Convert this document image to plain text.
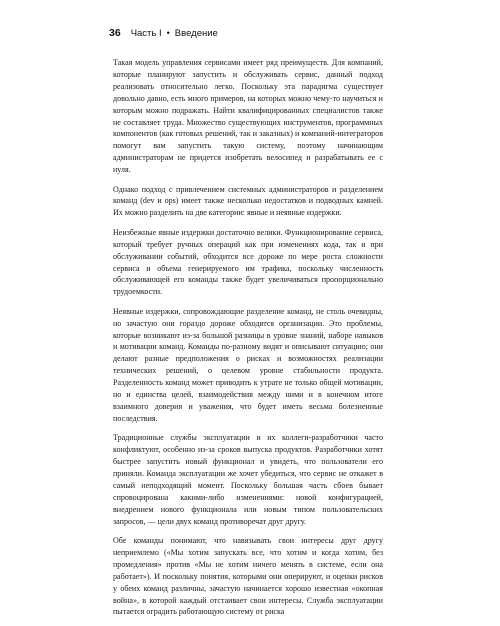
36 Часть I • Введение

Такая модель управления сервисами имеет ряд преимуществ. Для компаний, которые планируют запустить и обслуживать сервис, данный подход реализовать относительно легко. Поскольку эта парадигма существует довольно давно, есть много примеров, на которых можно чему-то научиться и которым можно подражать. Найти квалифицированных специалистов также не составляет труда. Множество существующих инструментов, программных компонентов (как готовых решений, так и заказных) и компаний-интеграторов помогут вам запустить такую систему, поэтому начинающим администраторам не придется изобретать велосипед и разрабатывать ее с нуля.

Однако подход с привлечением системных администраторов и разделением команд (dev и ops) имеет также несколько недостатков и подводных камней. Их можно разделить на две категории: явные и неявные издержки.

Неизбежные явные издержки достаточно велики. Функционирование сервиса, который требует ручных операций как при изменениях кода, так и при обслуживании событий, обходится все дороже по мере роста сложности сервиса и объема генерируемого им трафика, поскольку численность обслуживающей его команды также будет увеличиваться пропорционально трудоемкости.

Неявные издержки, сопровождающие разделение команд, не столь очевидны, но зачастую они гораздо дороже обходятся организации. Это проблемы, которые возникают из-за большой разницы в уровне знаний, наборе навыков и мотивации команд. Команды по-разному видят и описывают ситуацию; они делают разные предположения о рисках и возможностях реализации технических решений, о целевом уровне стабильности продукта. Разделенность команд может приводить к утрате не только общей мотивации, но и единства целей, взаимодействия между ними и в конечном итоге взаимного доверия и уважения, что будет иметь весьма болезненные последствия.

Традиционные службы эксплуатации и их коллеги-разработчики часто конфликтуют, особенно из-за сроков выпуска продуктов. Разработчики хотят быстрее запустить новый функционал и увидеть, что пользователи его приняли. Команда эксплуатации же хочет убедиться, что сервис не откажет в самый неподходящий момент. Поскольку большая часть сбоев бывает спровоцирована какими-либо изменениями: новой конфигурацией, внедрением нового функционала или новым типом пользовательских запросов, — цели двух команд противоречат друг другу.

Обе команды понимают, что навязывать свои интересы друг другу неприемлемо («Мы хотим запускать все, что хотим и когда хотим, без промедления» против «Мы не хотим ничего менять в системе, если она работает»). И поскольку понятия, которыми они оперируют, и оценки рисков у обеих команд различны, зачастую начинается хорошо известная «окопная война», в которой каждый отстаивает свои интересы. Служба эксплуатации пытается оградить работающую систему от риска
